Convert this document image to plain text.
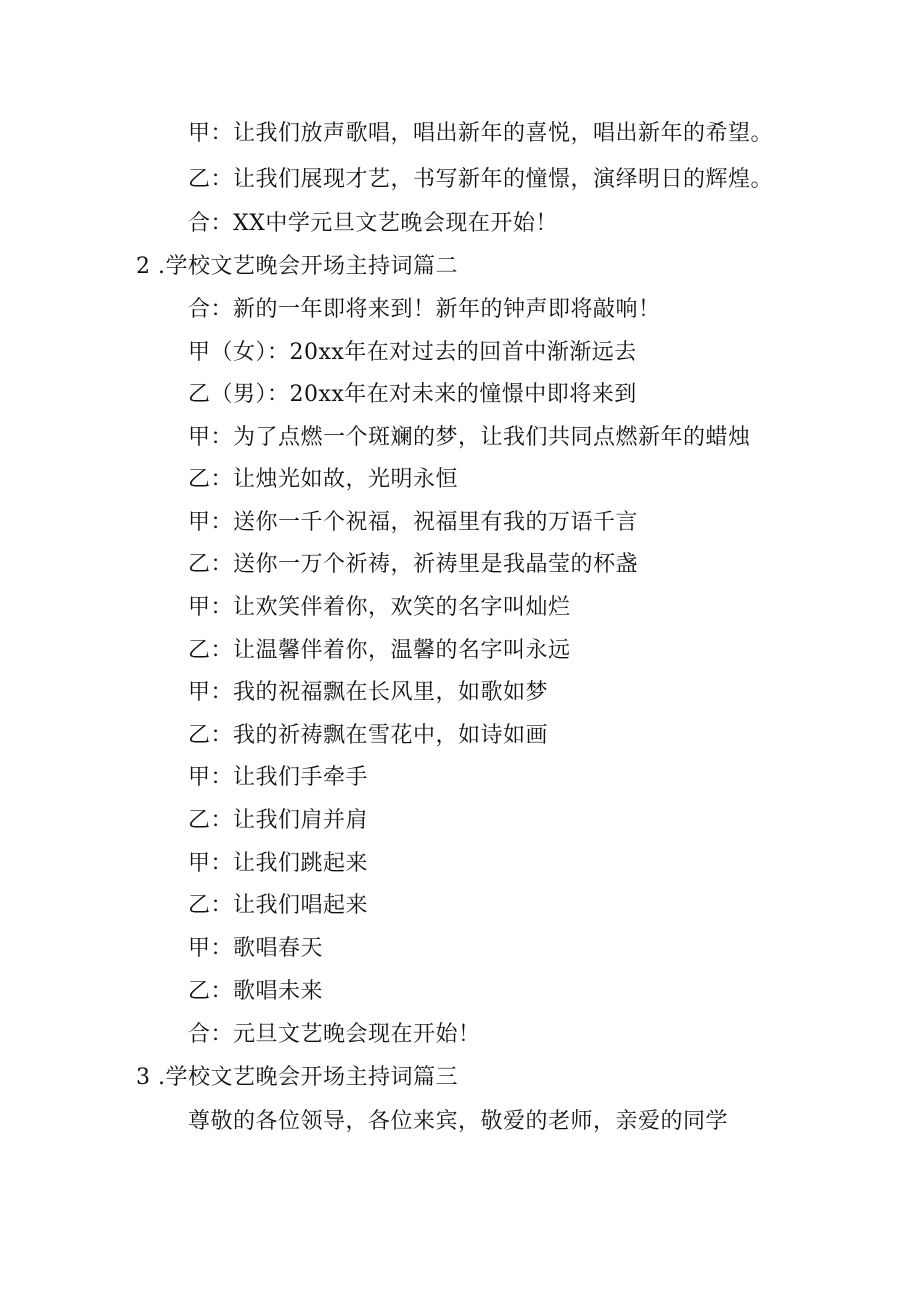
甲：让我们放声歌唱，唱出新年的喜悦，唱出新年的希望。
乙：让我们展现才艺，书写新年的憧憬，演绎明日的辉煌。
合：XX中学元旦文艺晚会现在开始！
2 .学校文艺晚会开场主持词篇二
合：新的一年即将来到！新年的钟声即将敲响！
甲（女）：20xx年在对过去的回首中渐渐远去
乙（男）：20xx年在对未来的憧憬中即将来到
甲：为了点燃一个斑斓的梦，让我们共同点燃新年的蜡烛
乙：让烛光如故，光明永恒
甲：送你一千个祝福，祝福里有我的万语千言
乙：送你一万个祈祷，祈祷里是我晶莹的杯盏
甲：让欢笑伴着你，欢笑的名字叫灿烂
乙：让温馨伴着你，温馨的名字叫永远
甲：我的祝福飘在长风里，如歌如梦
乙：我的祈祷飘在雪花中，如诗如画
甲：让我们手牵手
乙：让我们肩并肩
甲：让我们跳起来
乙：让我们唱起来
甲：歌唱春天
乙：歌唱未来
合：元旦文艺晚会现在开始！
3 .学校文艺晚会开场主持词篇三
尊敬的各位领导，各位来宾，敬爱的老师，亲爱的同学
